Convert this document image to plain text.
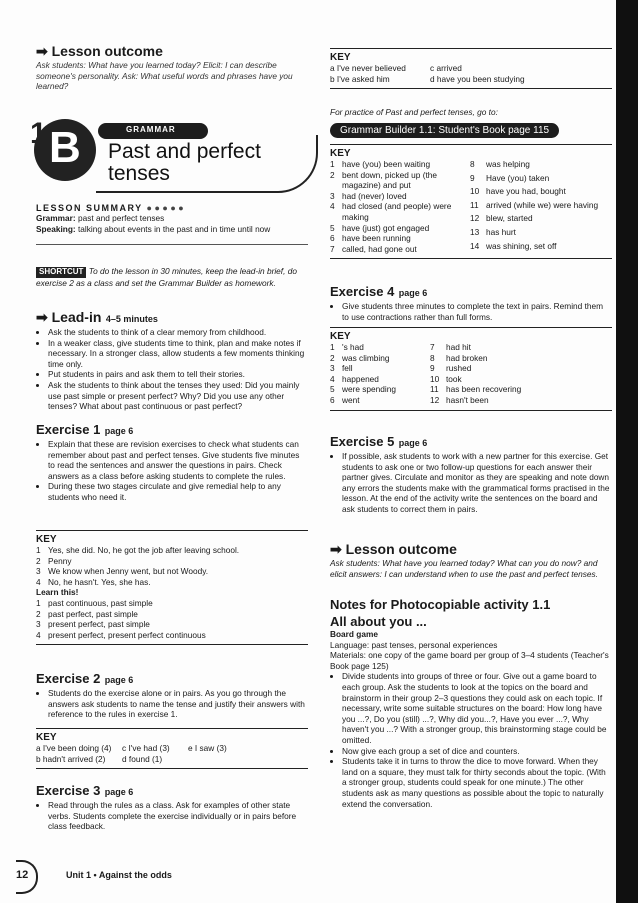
➡ Lesson outcome
Ask students: What have you learned today? Elicit: I can describe someone's personality. Ask: What useful words and phrases have you learned?
1 B	GRAMMAR
Past and perfect
tenses
LESSON SUMMARY ● ● ● ● ●
Grammar: past and perfect tenses
Speaking: talking about events in the past and in time until now
SHORTCUT To do the lesson in 30 minutes, keep the lead-in brief, do exercise 2 as a class and set the Grammar Builder as homework.
➡ Lead-in 4–5 minutes
• Ask the students to think of a clear memory from childhood.
• In a weaker class, give students time to think, plan and make notes if necessary. In a stronger class, allow students a few moments thinking time only.
• Put students in pairs and ask them to tell their stories.
• Ask the students to think about the tenses they used: Did you mainly use past simple or present perfect? Why? Did you use any other tenses? What about past continuous or past perfect?
Exercise 1 page 6
• Explain that these are revision exercises to check what students can remember about past and perfect tenses. Give students five minutes to read the sentences and answer the questions in pairs. Check answers as a class before asking students to complete the rules.
• During these two stages circulate and give remedial help to any students who need it.
KEY
1	Yes, she did. No, he got the job after leaving school.
2	Penny
3	We know when Jenny went, but not Woody.
4	No, he hasn't. Yes, she has.
Learn this!
1	past continuous, past simple
2	past perfect, past simple
3	present perfect, past simple
4	present perfect, present perfect continuous
Exercise 2 page 6
• Students do the exercise alone or in pairs. As you go through the answers ask students to name the tense and justify their answers with reference to the rules in exercise 1.
KEY
a I've been doing (4)	c I've had (3)	e I saw (3)
b hadn't arrived (2)	d found (1)	
Exercise 3 page 6
• Read through the rules as a class. Ask for examples of other state verbs. Students complete the exercise individually or in pairs before class feedback.
12	Unit 1 • Against the odds
KEY
a I've never believed	c arrived
b I've asked him	d have you been studying
For practice of Past and perfect tenses, go to:
Grammar Builder 1.1: Student's Book page 115
KEY
1	have (you) been waiting
2	bent down, picked up (the magazine) and put
3	had (never) loved
4	had closed (and people) were making
5	have (just) got engaged
6	have been running
7	called, had gone out
8	was helping
9	Have (you) taken
10	have you had, bought
11	arrived (while we) were having
12	blew, started
13	has hurt
14	was shining, set off
Exercise 4 page 6
• Give students three minutes to complete the text in pairs. Remind them to use contractions rather than full forms.
KEY
1	's had
2	was climbing
3	fell
4	happened
5	were spending
6	went
7	had hit
8	had broken
9	rushed
10	took
11	has been recovering
12	hasn't been
Exercise 5 page 6
• If possible, ask students to work with a new partner for this exercise. Get students to ask one or two follow-up questions for each answer their partner gives. Circulate and monitor as they are speaking and note down any errors the students make with the grammatical forms practised in the lesson. At the end of the activity write the sentences on the board and ask students to correct them in pairs.
➡ Lesson outcome
Ask students: What have you learned today? What can you do now? and elicit answers: I can understand when to use the past and perfect tenses.
Notes for Photocopiable activity 1.1
All about you ...
Board game
Language: past tenses, personal experiences
Materials: one copy of the game board per group of 3–4 students (Teacher's Book page 125)
• Divide students into groups of three or four. Give out a game board to each group. Ask the students to look at the topics on the board and brainstorm in their group 2–3 questions they could ask on each topic. If necessary, write some suitable structures on the board: How long have you ...?, Do you (still) ...?, Why did you...?, Have you ever ...?, Why haven't you ...? With a stronger group, this brainstorming stage could be omitted.
• Now give each group a set of dice and counters.
• Students take it in turns to throw the dice to move forward. When they land on a square, they must talk for thirty seconds about the topic. (With a stronger group, students could speak for one minute.) The other students ask as many questions as possible about the topic to naturally extend the conversation.
